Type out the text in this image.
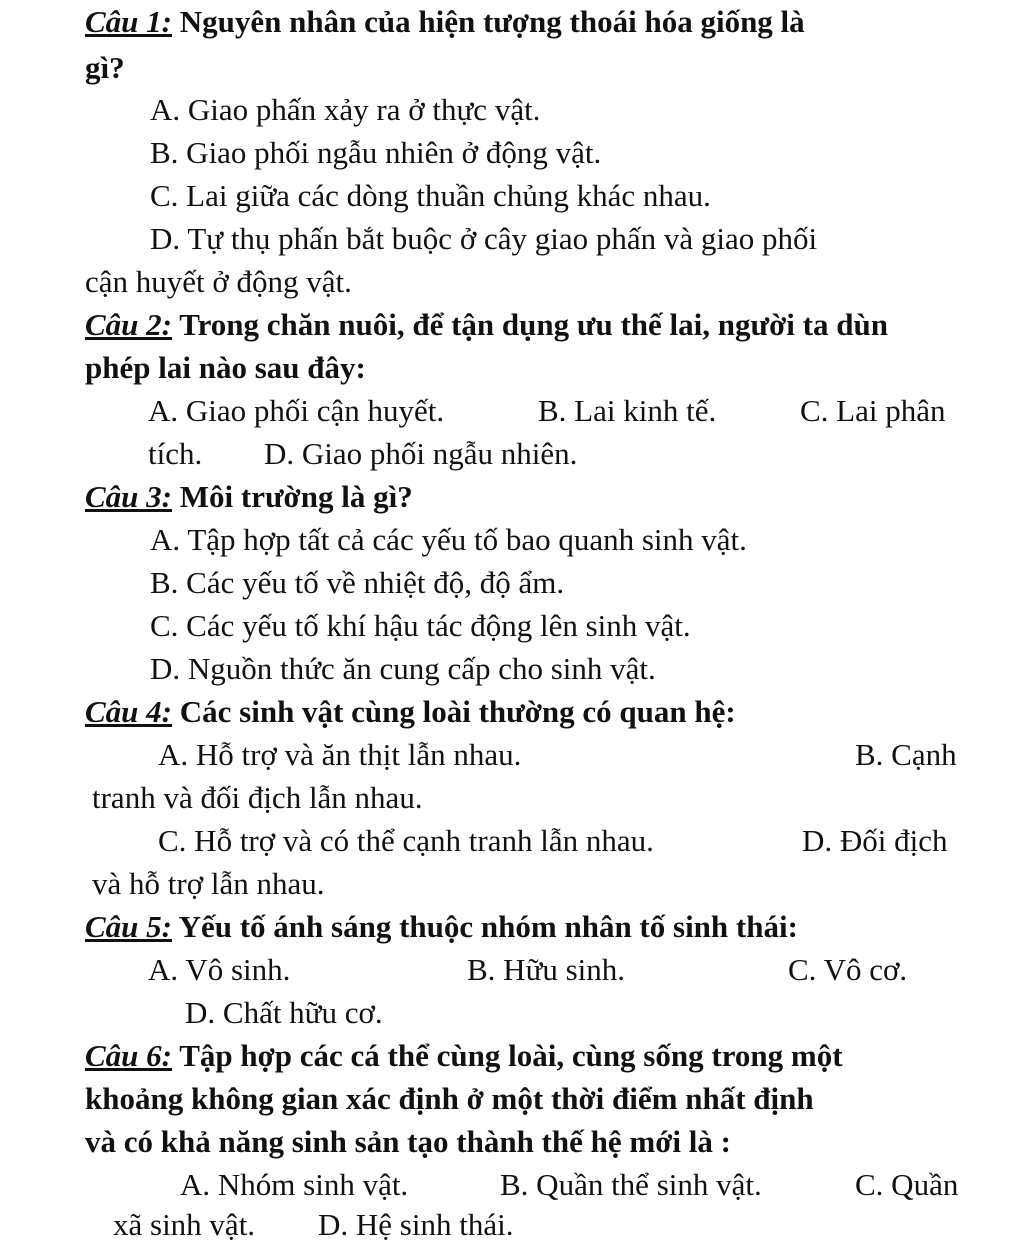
Câu 1: Nguyên nhân của hiện tượng thoái hóa giống là
gì?
A. Giao phấn xảy ra ở thực vật.
B. Giao phối ngẫu nhiên ở động vật.
C. Lai giữa các dòng thuần chủng khác nhau.
D. Tự thụ phấn bắt buộc ở cây giao phấn và giao phối
cận huyết ở động vật.
Câu 2: Trong chăn nuôi, để tận dụng ưu thế lai, người ta dùn
phép lai nào sau đây:
A. Giao phối cận huyết.	B. Lai kinh tế.	C. Lai phân
tích. D. Giao phối ngẫu nhiên.
Câu 3: Môi trường là gì?
A. Tập hợp tất cả các yếu tố bao quanh sinh vật.
B. Các yếu tố về nhiệt độ, độ ẩm.
C. Các yếu tố khí hậu tác động lên sinh vật.
D. Nguồn thức ăn cung cấp cho sinh vật.
Câu 4: Các sinh vật cùng loài thường có quan hệ:
A. Hỗ trợ và ăn thịt lẫn nhau.	B. Cạnh
tranh và đối địch lẫn nhau.
C. Hỗ trợ và có thể cạnh tranh lẫn nhau.	D. Đối địch
và hỗ trợ lẫn nhau.
Câu 5: Yếu tố ánh sáng thuộc nhóm nhân tố sinh thái:
A. Vô sinh.	B. Hữu sinh.	C. Vô cơ.
D. Chất hữu cơ.
Câu 6: Tập hợp các cá thể cùng loài, cùng sống trong một
khoảng không gian xác định ở một thời điểm nhất định
và có khả năng sinh sản tạo thành thế hệ mới là :
A. Nhóm sinh vật.	B. Quần thể sinh vật.	C. Quần
xã sinh vật. D. Hệ sinh thái.
